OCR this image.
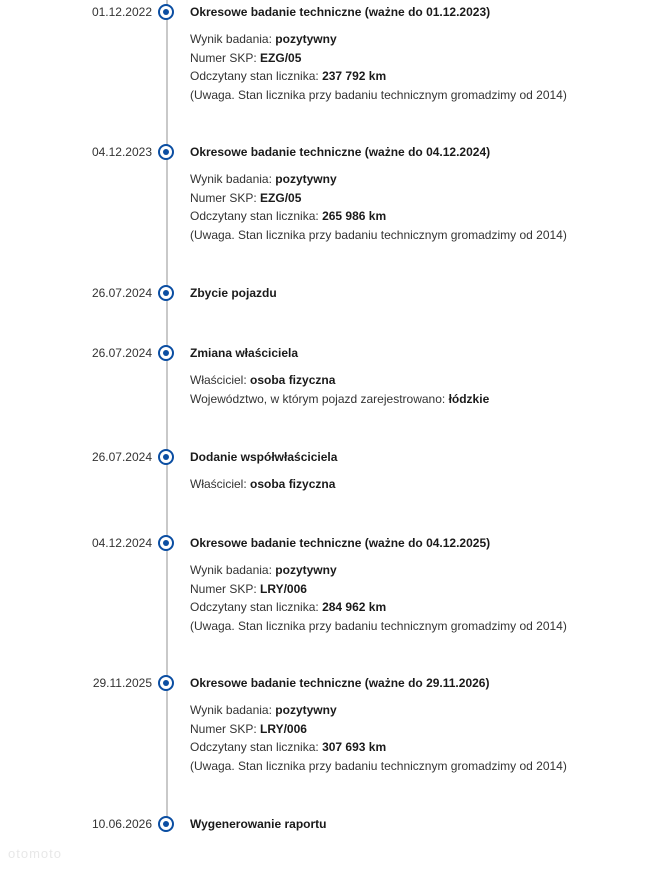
01.12.2022	Okresowe badanie techniczne (ważne do 01.12.2023)
Wynik badania: pozytywny
Numer SKP: EZG/05
Odczytany stan licznika: 237 792 km
(Uwaga. Stan licznika przy badaniu technicznym gromadzimy od 2014)
04.12.2023	Okresowe badanie techniczne (ważne do 04.12.2024)
Wynik badania: pozytywny
Numer SKP: EZG/05
Odczytany stan licznika: 265 986 km
(Uwaga. Stan licznika przy badaniu technicznym gromadzimy od 2014)
26.07.2024	Zbycie pojazdu
26.07.2024	Zmiana właściciela
Właściciel: osoba fizyczna
Województwo, w którym pojazd zarejestrowano: łódzkie
26.07.2024	Dodanie współwłaściciela
Właściciel: osoba fizyczna
04.12.2024	Okresowe badanie techniczne (ważne do 04.12.2025)
Wynik badania: pozytywny
Numer SKP: LRY/006
Odczytany stan licznika: 284 962 km
(Uwaga. Stan licznika przy badaniu technicznym gromadzimy od 2014)
29.11.2025	Okresowe badanie techniczne (ważne do 29.11.2026)
Wynik badania: pozytywny
Numer SKP: LRY/006
Odczytany stan licznika: 307 693 km
(Uwaga. Stan licznika przy badaniu technicznym gromadzimy od 2014)
10.06.2026	Wygenerowanie raportu
otomoto
